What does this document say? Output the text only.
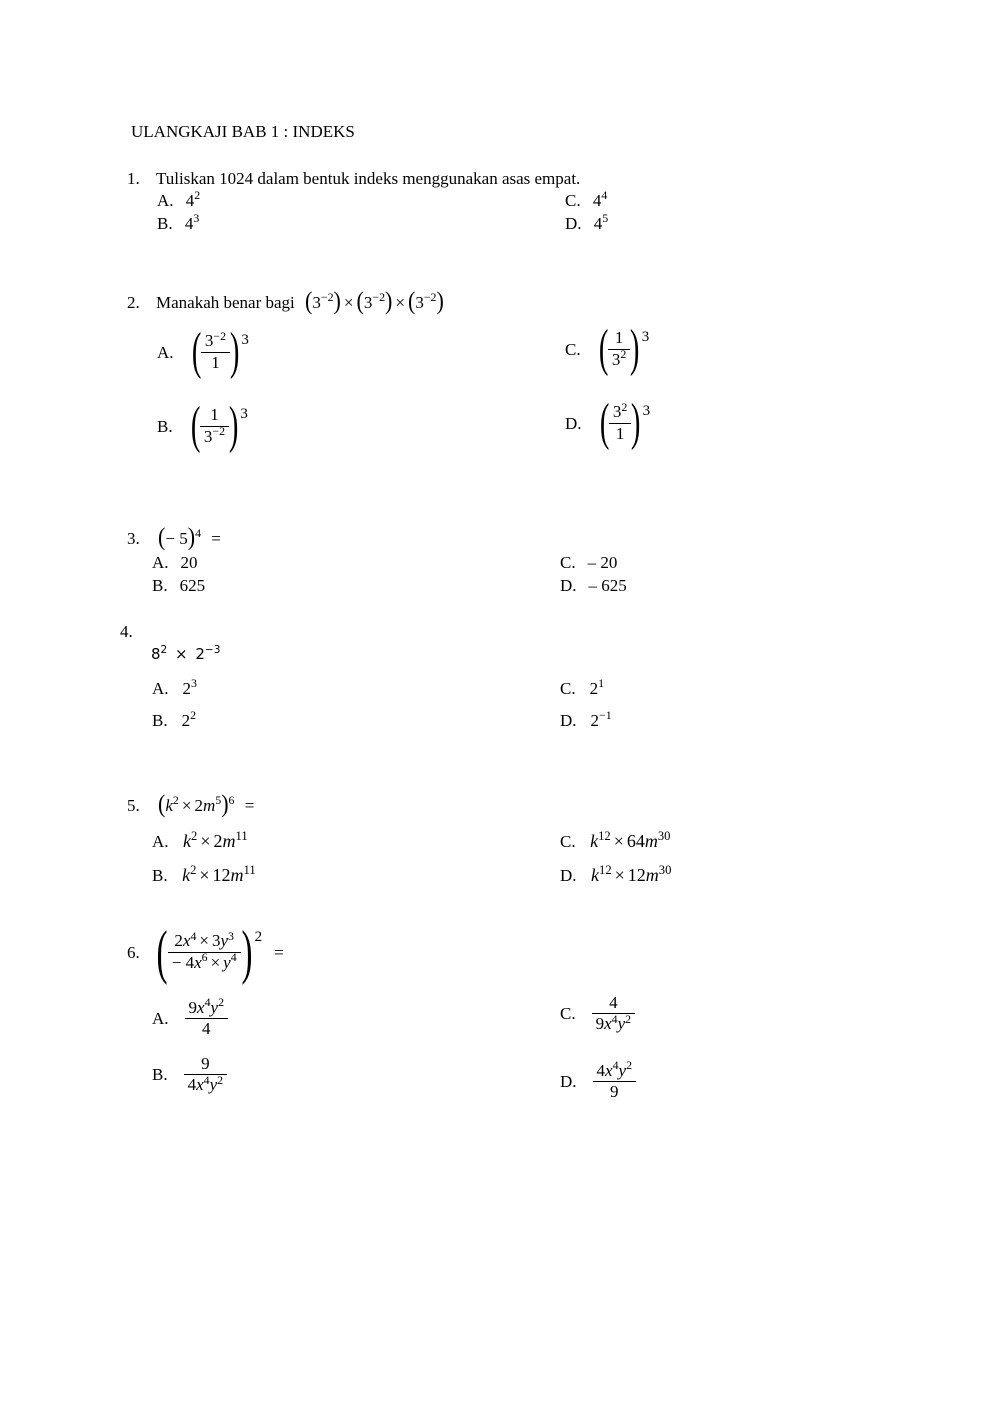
ULANGKAJI BAB 1 : INDEKS
1. Tuliskan 1024 dalam bentuk indeks menggunakan asas empat.
A. $4^2$
B. $4^3$
C. $4^4$
D. $4^5$
2. Manakah benar bagi $(3^{-2}) \times (3^{-2}) \times (3^{-2})$
A. ( $\frac{3^{-2}}{1}$ ) 3
B. ( $\frac{1}{3^{-2}}$ ) 3
C. ( $\frac{1}{3^2}$ ) 3
D. ( $\frac{3^2}{1}$ ) 3
3. (− 5)$^4$ =
A. 20
B. 625
C. – 20
D. – 625
4.
$8^2 \times 2^{-3}$
A. $2^3$
B. $2^2$
C. $2^1$
D. $2^{-1}$
5. $(k^2 \times 2m^5)^6$ =
A. $k^2 \times 2m^{11}$
B. $k^2 \times 12m^{11}$
C. $k^{12} \times 64m^{30}$
D. $k^{12} \times 12m^{30}$
6. ( $\frac{2x^4 \times 3y^3}{- 4x^6 \times y^4}$ ) 2
=
A. $\frac{9x^4y^2}{4}$
B. $\frac{9}{4x^4y^2}$
C. $\frac{4}{9x^4y^2}$
D. $\frac{4x^4y^2}{9}$
